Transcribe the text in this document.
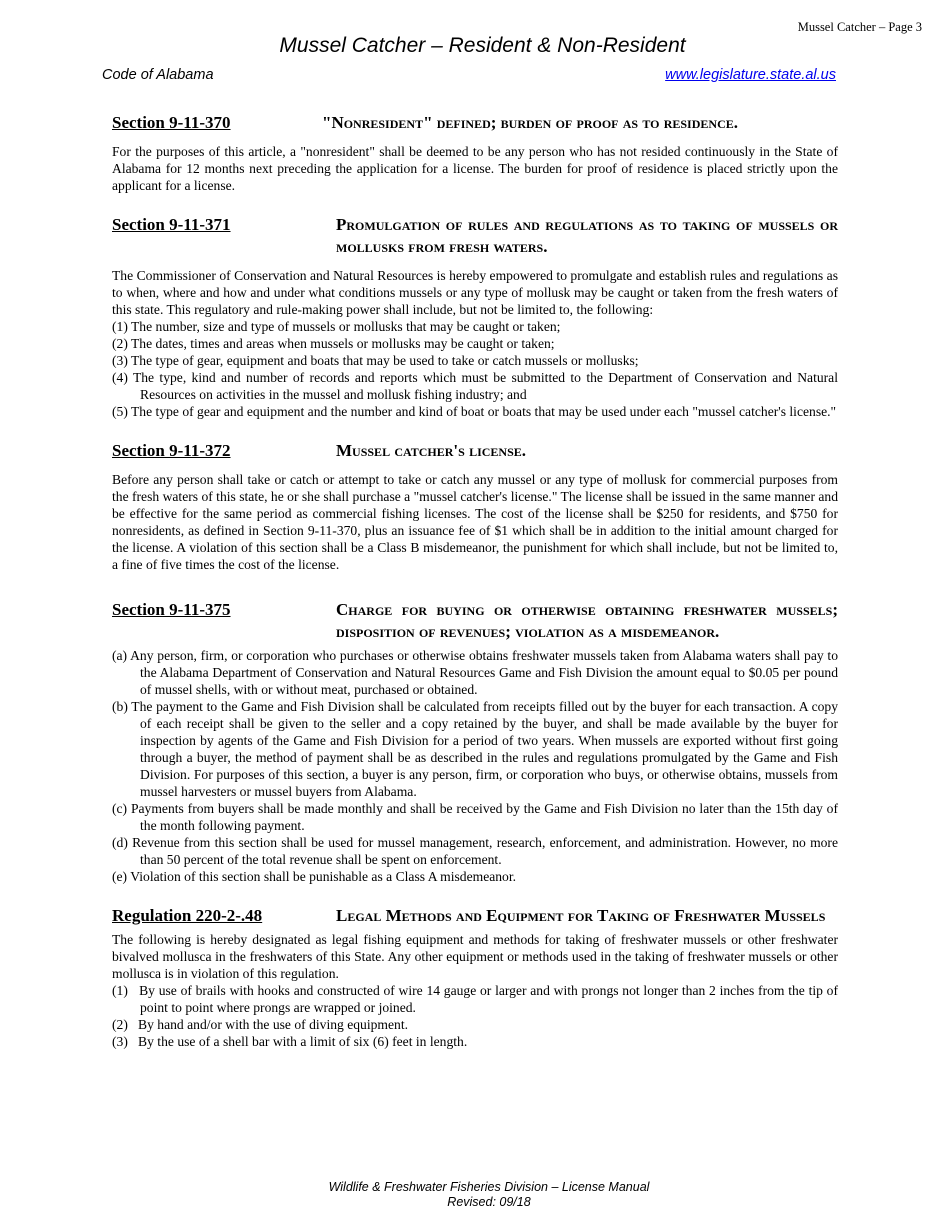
Mussel Catcher – Page 3
Mussel Catcher – Resident & Non-Resident
Code of Alabama	www.legislature.state.al.us
Section 9-11-370	"Nonresident" defined; burden of proof as to residence.

For the purposes of this article, a "nonresident" shall be deemed to be any person who has not resided continuously in the State of Alabama for 12 months next preceding the application for a license. The burden for proof of residence is placed strictly upon the applicant for a license.

Section 9-11-371	Promulgation of rules and regulations as to taking of mussels or mollusks from fresh waters.

The Commissioner of Conservation and Natural Resources is hereby empowered to promulgate and establish rules and regulations as to when, where and how and under what conditions mussels or any type of mollusk may be caught or taken from the fresh waters of this state. This regulatory and rule-making power shall include, but not be limited to, the following:

(1) The number, size and type of mussels or mollusks that may be caught or taken;

(2) The dates, times and areas when mussels or mollusks may be caught or taken;

(3) The type of gear, equipment and boats that may be used to take or catch mussels or mollusks;

(4) The type, kind and number of records and reports which must be submitted to the Department of Conservation and Natural Resources on activities in the mussel and mollusk fishing industry; and

(5) The type of gear and equipment and the number and kind of boat or boats that may be used under each "mussel catcher's license."

Section 9-11-372	Mussel catcher's license.

Before any person shall take or catch or attempt to take or catch any mussel or any type of mollusk for commercial purposes from the fresh waters of this state, he or she shall purchase a "mussel catcher's license." The license shall be issued in the same manner and be effective for the same period as commercial fishing licenses. The cost of the license shall be $250 for residents, and $750 for nonresidents, as defined in Section 9-11-370, plus an issuance fee of $1 which shall be in addition to the initial amount charged for the license. A violation of this section shall be a Class B misdemeanor, the punishment for which shall include, but not be limited to, a fine of five times the cost of the license.

Section 9-11-375	Charge for buying or otherwise obtaining freshwater mussels; disposition of revenues; violation as a misdemeanor.

(a) Any person, firm, or corporation who purchases or otherwise obtains freshwater mussels taken from Alabama waters shall pay to the Alabama Department of Conservation and Natural Resources Game and Fish Division the amount equal to $0.05 per pound of mussel shells, with or without meat, purchased or obtained.

(b) The payment to the Game and Fish Division shall be calculated from receipts filled out by the buyer for each transaction. A copy of each receipt shall be given to the seller and a copy retained by the buyer, and shall be made available by the buyer for inspection by agents of the Game and Fish Division for a period of two years. When mussels are exported without first going through a buyer, the method of payment shall be as described in the rules and regulations promulgated by the Game and Fish Division. For purposes of this section, a buyer is any person, firm, or corporation who buys, or otherwise obtains, mussels from mussel harvesters or mussel buyers from Alabama.

(c) Payments from buyers shall be made monthly and shall be received by the Game and Fish Division no later than the 15th day of the month following payment.

(d) Revenue from this section shall be used for mussel management, research, enforcement, and administration. However, no more than 50 percent of the total revenue shall be spent on enforcement.

(e) Violation of this section shall be punishable as a Class A misdemeanor.

Regulation 220-2-.48	Legal Methods and Equipment for Taking of Freshwater Mussels

The following is hereby designated as legal fishing equipment and methods for taking of freshwater mussels or other freshwater bivalved mollusca in the freshwaters of this State. Any other equipment or methods used in the taking of freshwater mussels or other mollusca is in violation of this regulation.

(1)   By use of brails with hooks and constructed of wire 14 gauge or larger and with prongs not longer than 2 inches from the tip of point to point where prongs are wrapped or joined.

(2)   By hand and/or with the use of diving equipment.

(3)   By the use of a shell bar with a limit of six (6) feet in length.

Wildlife & Freshwater Fisheries Division – License Manual
Revised: 09/18
